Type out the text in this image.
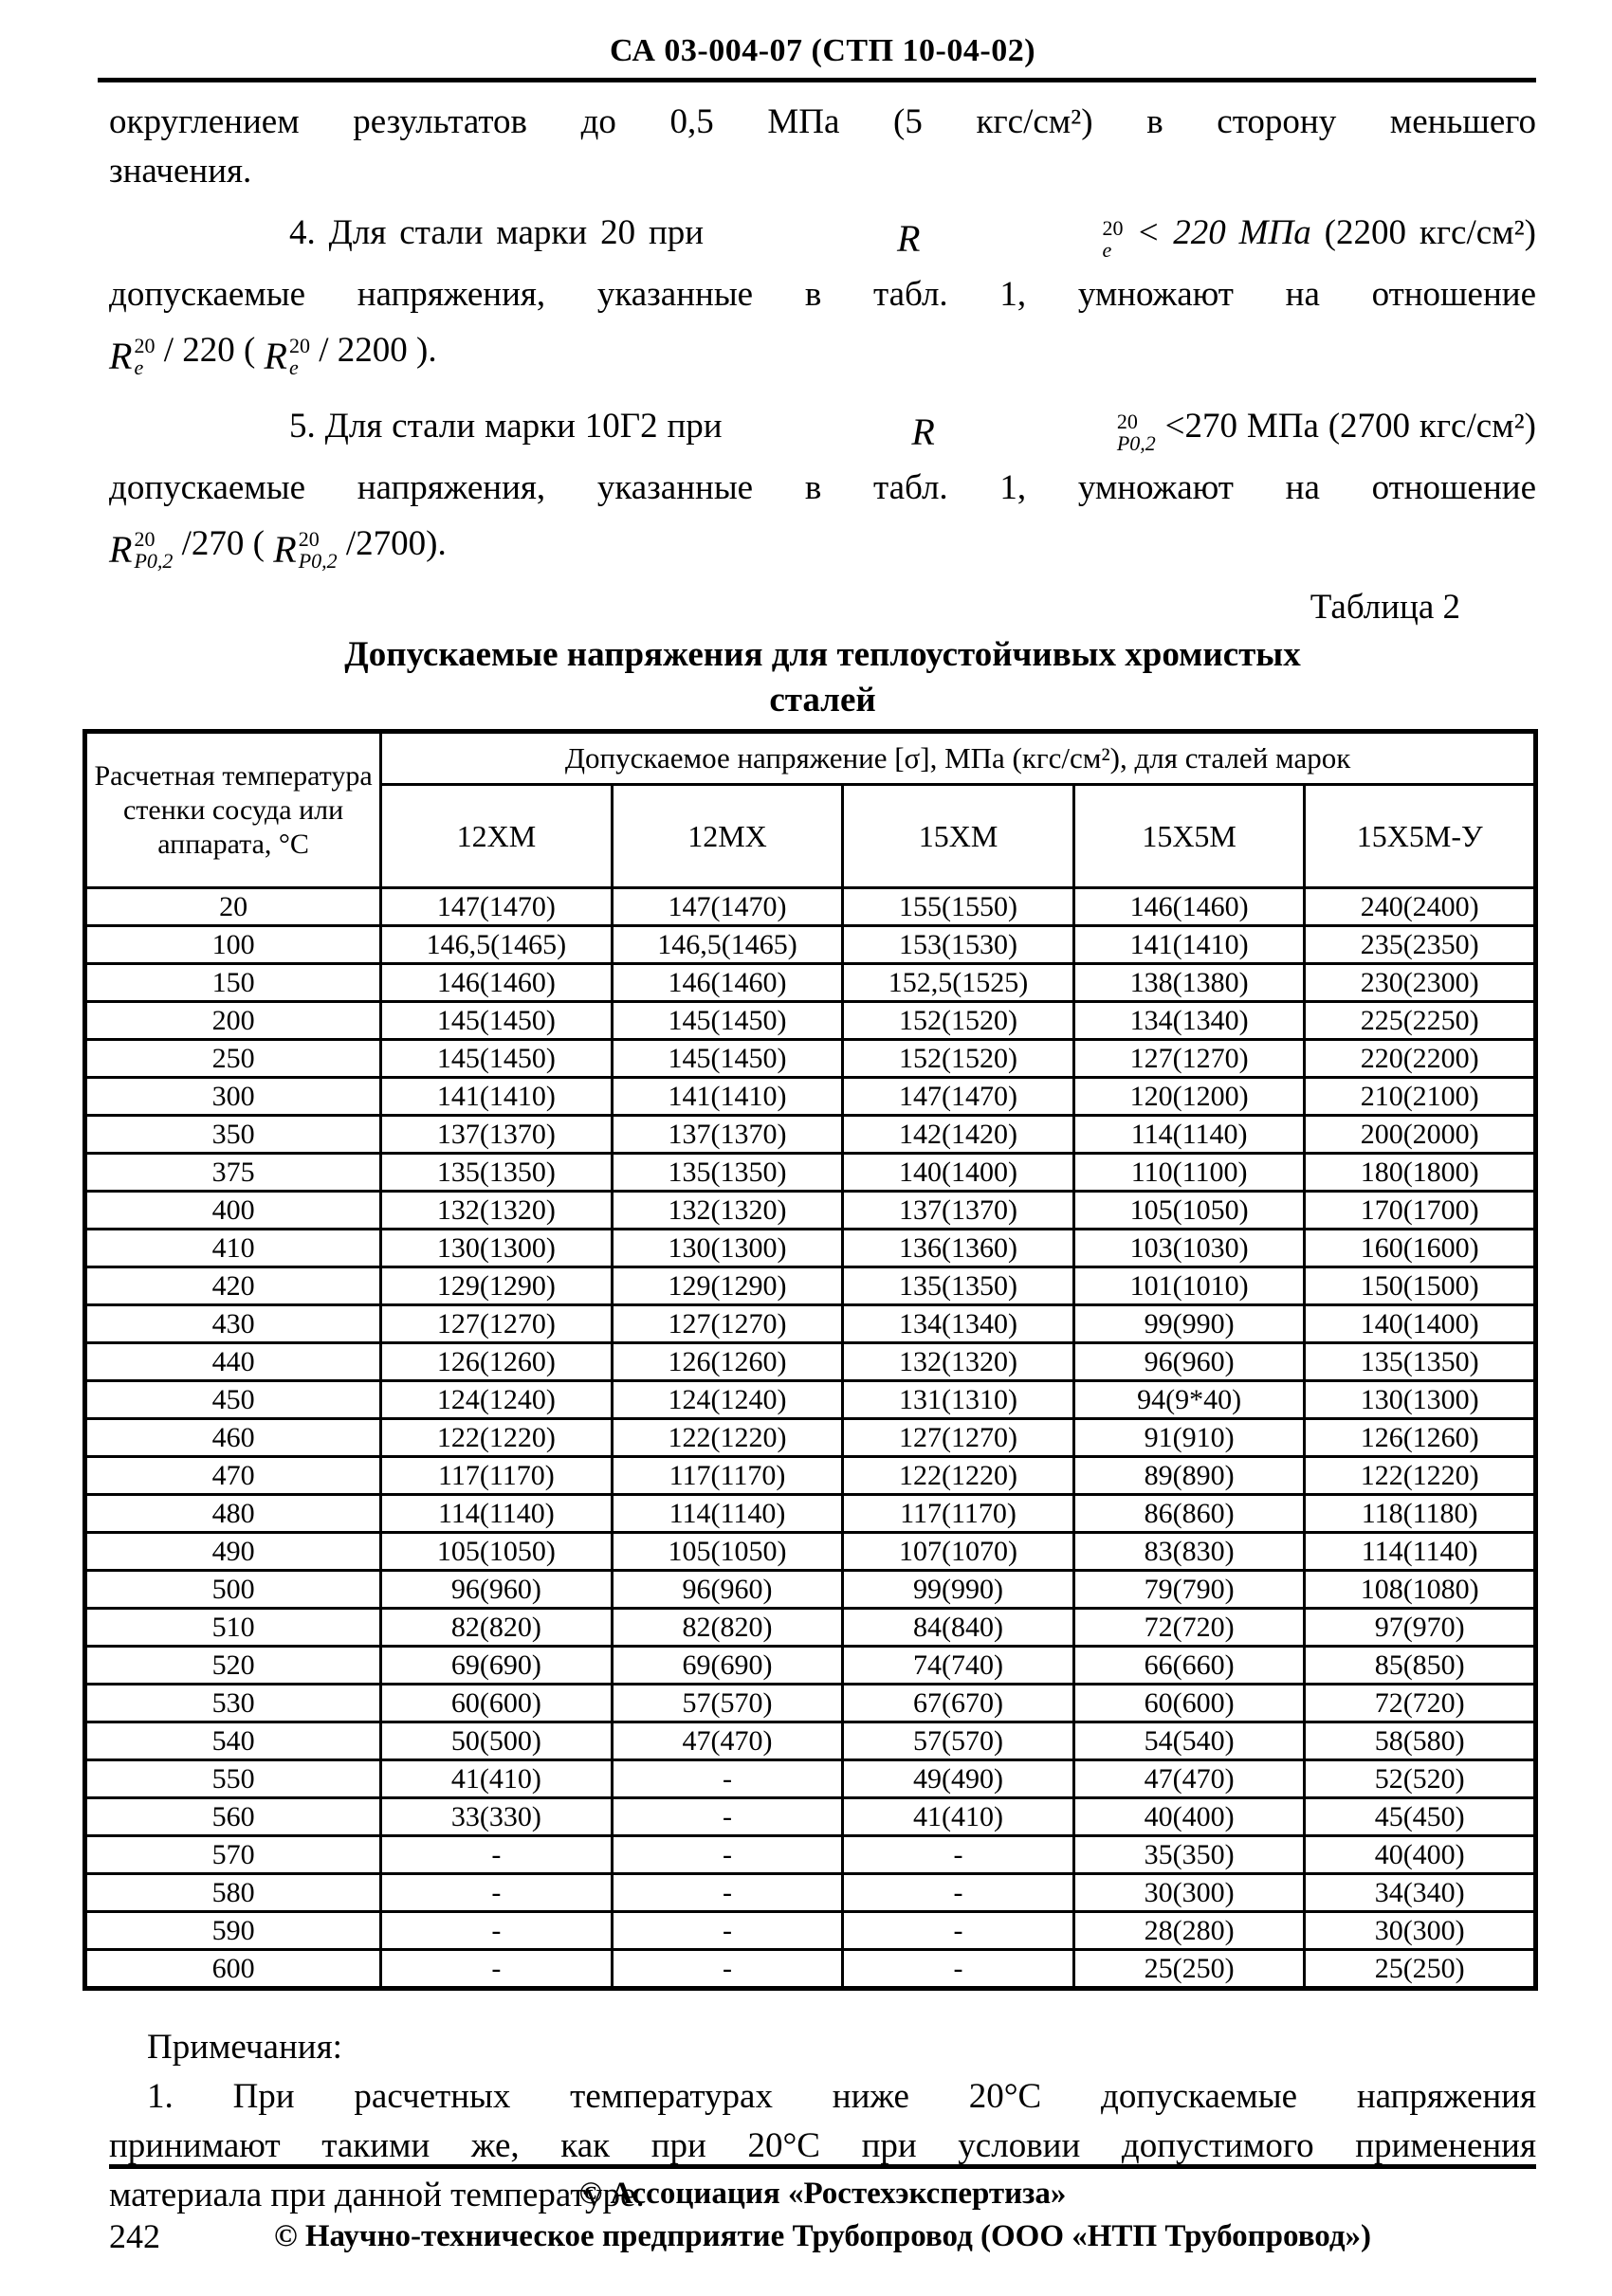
СА 03-004-07 (СТП 10-04-02)
округлением результатов до 0,5 МПа (5 кгс/см²) в сторону меньшего
значения.
4. Для стали марки 20 при	R	20
e < 220 МПа (2200 кгс/см²)
допускаемые напряжения, указанные в табл. 1, умножают на отношение
R 20
e / 220 ( R 20
e / 2200 ).
5. Для стали марки 10Г2 при	R	20
P0,2 <270 МПа (2700 кгс/см²)
допускаемые напряжения, указанные в табл. 1, умножают на отношение
R 20
P0,2 /270 ( R 20
P0,2 /2700).
Таблица 2
Допускаемые напряжения для теплоустойчивых хромистых
сталей
Расчетная температура стенки сосуда или аппарата, °С	Допускаемое напряжение [σ], МПа (кгс/см²), для сталей марок				
	12ХМ	12МХ	15ХМ	15Х5М	15Х5М-У
20	147(1470)	147(1470)	155(1550)	146(1460)	240(2400)
100	146,5(1465)	146,5(1465)	153(1530)	141(1410)	235(2350)
150	146(1460)	146(1460)	152,5(1525)	138(1380)	230(2300)
200	145(1450)	145(1450)	152(1520)	134(1340)	225(2250)
250	145(1450)	145(1450)	152(1520)	127(1270)	220(2200)
300	141(1410)	141(1410)	147(1470)	120(1200)	210(2100)
350	137(1370)	137(1370)	142(1420)	114(1140)	200(2000)
375	135(1350)	135(1350)	140(1400)	110(1100)	180(1800)
400	132(1320)	132(1320)	137(1370)	105(1050)	170(1700)
410	130(1300)	130(1300)	136(1360)	103(1030)	160(1600)
420	129(1290)	129(1290)	135(1350)	101(1010)	150(1500)
430	127(1270)	127(1270)	134(1340)	99(990)	140(1400)
440	126(1260)	126(1260)	132(1320)	96(960)	135(1350)
450	124(1240)	124(1240)	131(1310)	94(9*40)	130(1300)
460	122(1220)	122(1220)	127(1270)	91(910)	126(1260)
470	117(1170)	117(1170)	122(1220)	89(890)	122(1220)
480	114(1140)	114(1140)	117(1170)	86(860)	118(1180)
490	105(1050)	105(1050)	107(1070)	83(830)	114(1140)
500	96(960)	96(960)	99(990)	79(790)	108(1080)
510	82(820)	82(820)	84(840)	72(720)	97(970)
520	69(690)	69(690)	74(740)	66(660)	85(850)
530	60(600)	57(570)	67(670)	60(600)	72(720)
540	50(500)	47(470)	57(570)	54(540)	58(580)
550	41(410)	-	49(490)	47(470)	52(520)
560	33(330)	-	41(410)	40(400)	45(450)
570	-	-	-	35(350)	40(400)
580	-	-	-	30(300)	34(340)
590	-	-	-	28(280)	30(300)
600	-	-	-	25(250)	25(250)
Примечания:
1. При расчетных температурах ниже 20°С допускаемые напряжения
принимают такими же, как при 20°С при условии допустимого применения
материала при данной температуре.
© Ассоциация «Ростехэкспертиза»
242	© Научно-техническое предприятие Трубопровод (ООО «НТП Трубопровод»)
